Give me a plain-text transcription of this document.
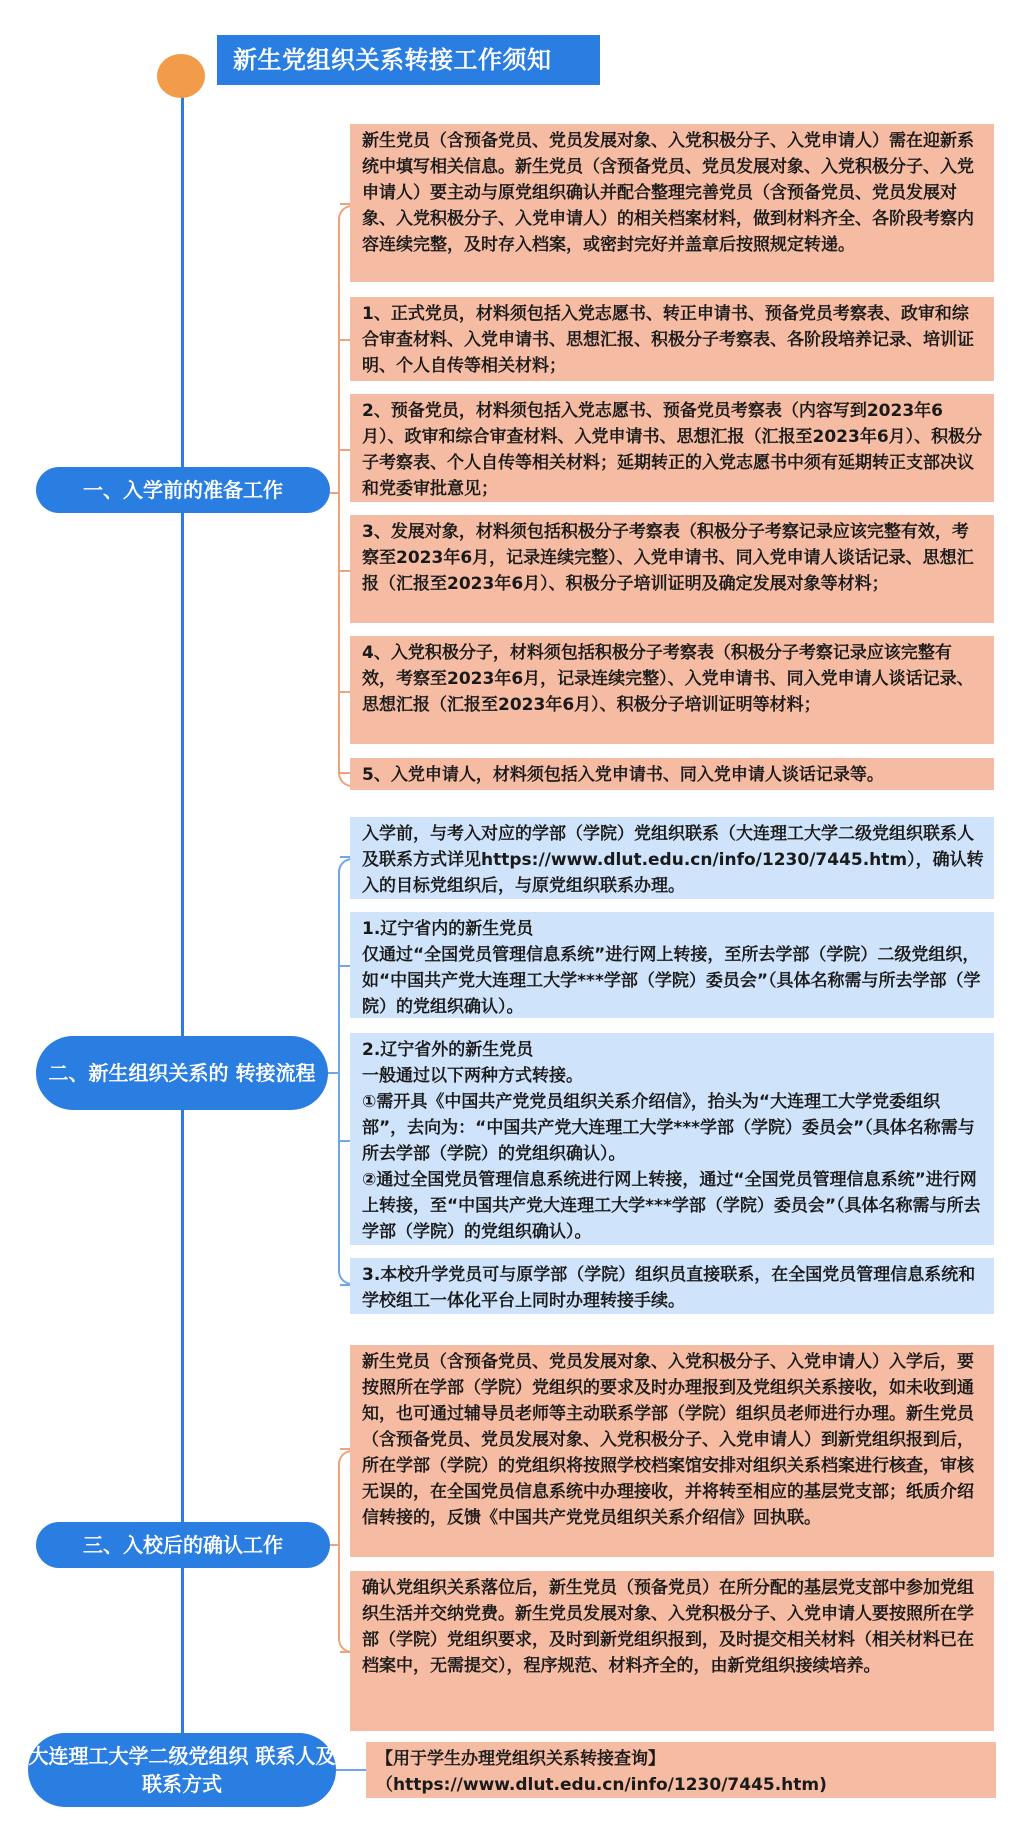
新生党组织关系转接工作须知
一、入学前的准备工作
新生党员（含预备党员、党员发展对象、入党积极分子、入党申请人）需在迎新系统中填写相关信息。新生党员（含预备党员、党员发展对象、入党积极分子、入党申请人）要主动与原党组织确认并配合整理完善党员（含预备党员、党员发展对象、入党积极分子、入党申请人）的相关档案材料，做到材料齐全、各阶段考察内容连续完整，及时存入档案，或密封完好并盖章后按照规定转递。
1、正式党员，材料须包括入党志愿书、转正申请书、预备党员考察表、政审和综合审查材料、入党申请书、思想汇报、积极分子考察表、各阶段培养记录、培训证明、个人自传等相关材料；
2、预备党员，材料须包括入党志愿书、预备党员考察表（内容写到2023年6月）、政审和综合审查材料、入党申请书、思想汇报（汇报至2023年6月）、积极分子考察表、个人自传等相关材料；延期转正的入党志愿书中须有延期转正支部决议和党委审批意见；
3、发展对象，材料须包括积极分子考察表（积极分子考察记录应该完整有效，考察至2023年6月，记录连续完整）、入党申请书、同入党申请人谈话记录、思想汇报（汇报至2023年6月）、积极分子培训证明及确定发展对象等材料；
4、入党积极分子，材料须包括积极分子考察表（积极分子考察记录应该完整有效，考察至2023年6月，记录连续完整）、入党申请书、同入党申请人谈话记录、思想汇报（汇报至2023年6月）、积极分子培训证明等材料；
5、入党申请人，材料须包括入党申请书、同入党申请人谈话记录等。
二、新生组织关系的 转接流程
入学前，与考入对应的学部（学院）党组织联系（大连理工大学二级党组织联系人及联系方式详见https://www.dlut.edu.cn/info/1230/7445.htm），确认转入的目标党组织后，与原党组织联系办理。
1.辽宁省内的新生党员
仅通过“全国党员管理信息系统”进行网上转接，至所去学部（学院）二级党组织，如“中国共产党大连理工大学***学部（学院）委员会”（具体名称需与所去学部（学院）的党组织确认）。
2.辽宁省外的新生党员
一般通过以下两种方式转接。
①需开具《中国共产党党员组织关系介绍信》，抬头为“大连理工大学党委组织部”，去向为：“中国共产党大连理工大学***学部（学院）委员会”（具体名称需与所去学部（学院）的党组织确认）。
②通过全国党员管理信息系统进行网上转接，通过“全国党员管理信息系统”进行网上转接，至“中国共产党大连理工大学***学部（学院）委员会”（具体名称需与所去学部（学院）的党组织确认）。
3.本校升学党员可与原学部（学院）组织员直接联系，在全国党员管理信息系统和学校组工一体化平台上同时办理转接手续。
三、入校后的确认工作
新生党员（含预备党员、党员发展对象、入党积极分子、入党申请人）入学后，要按照所在学部（学院）党组织的要求及时办理报到及党组织关系接收，如未收到通知，也可通过辅导员老师等主动联系学部（学院）组织员老师进行办理。新生党员（含预备党员、党员发展对象、入党积极分子、入党申请人）到新党组织报到后，所在学部（学院）的党组织将按照学校档案馆安排对组织关系档案进行核查，审核无误的，在全国党员信息系统中办理接收，并将转至相应的基层党支部；纸质介绍信转接的，反馈《中国共产党党员组织关系介绍信》回执联。
确认党组织关系落位后，新生党员（预备党员）在所分配的基层党支部中参加党组织生活并交纳党费。新生党员发展对象、入党积极分子、入党申请人要按照所在学部（学院）党组织要求，及时到新党组织报到，及时提交相关材料（相关材料已在档案中，无需提交），程序规范、材料齐全的，由新党组织接续培养。
大连理工大学二级党组织 联系人及联系方式
【用于学生办理党组织关系转接查询】（https://www.dlut.edu.cn/info/1230/7445.htm)
